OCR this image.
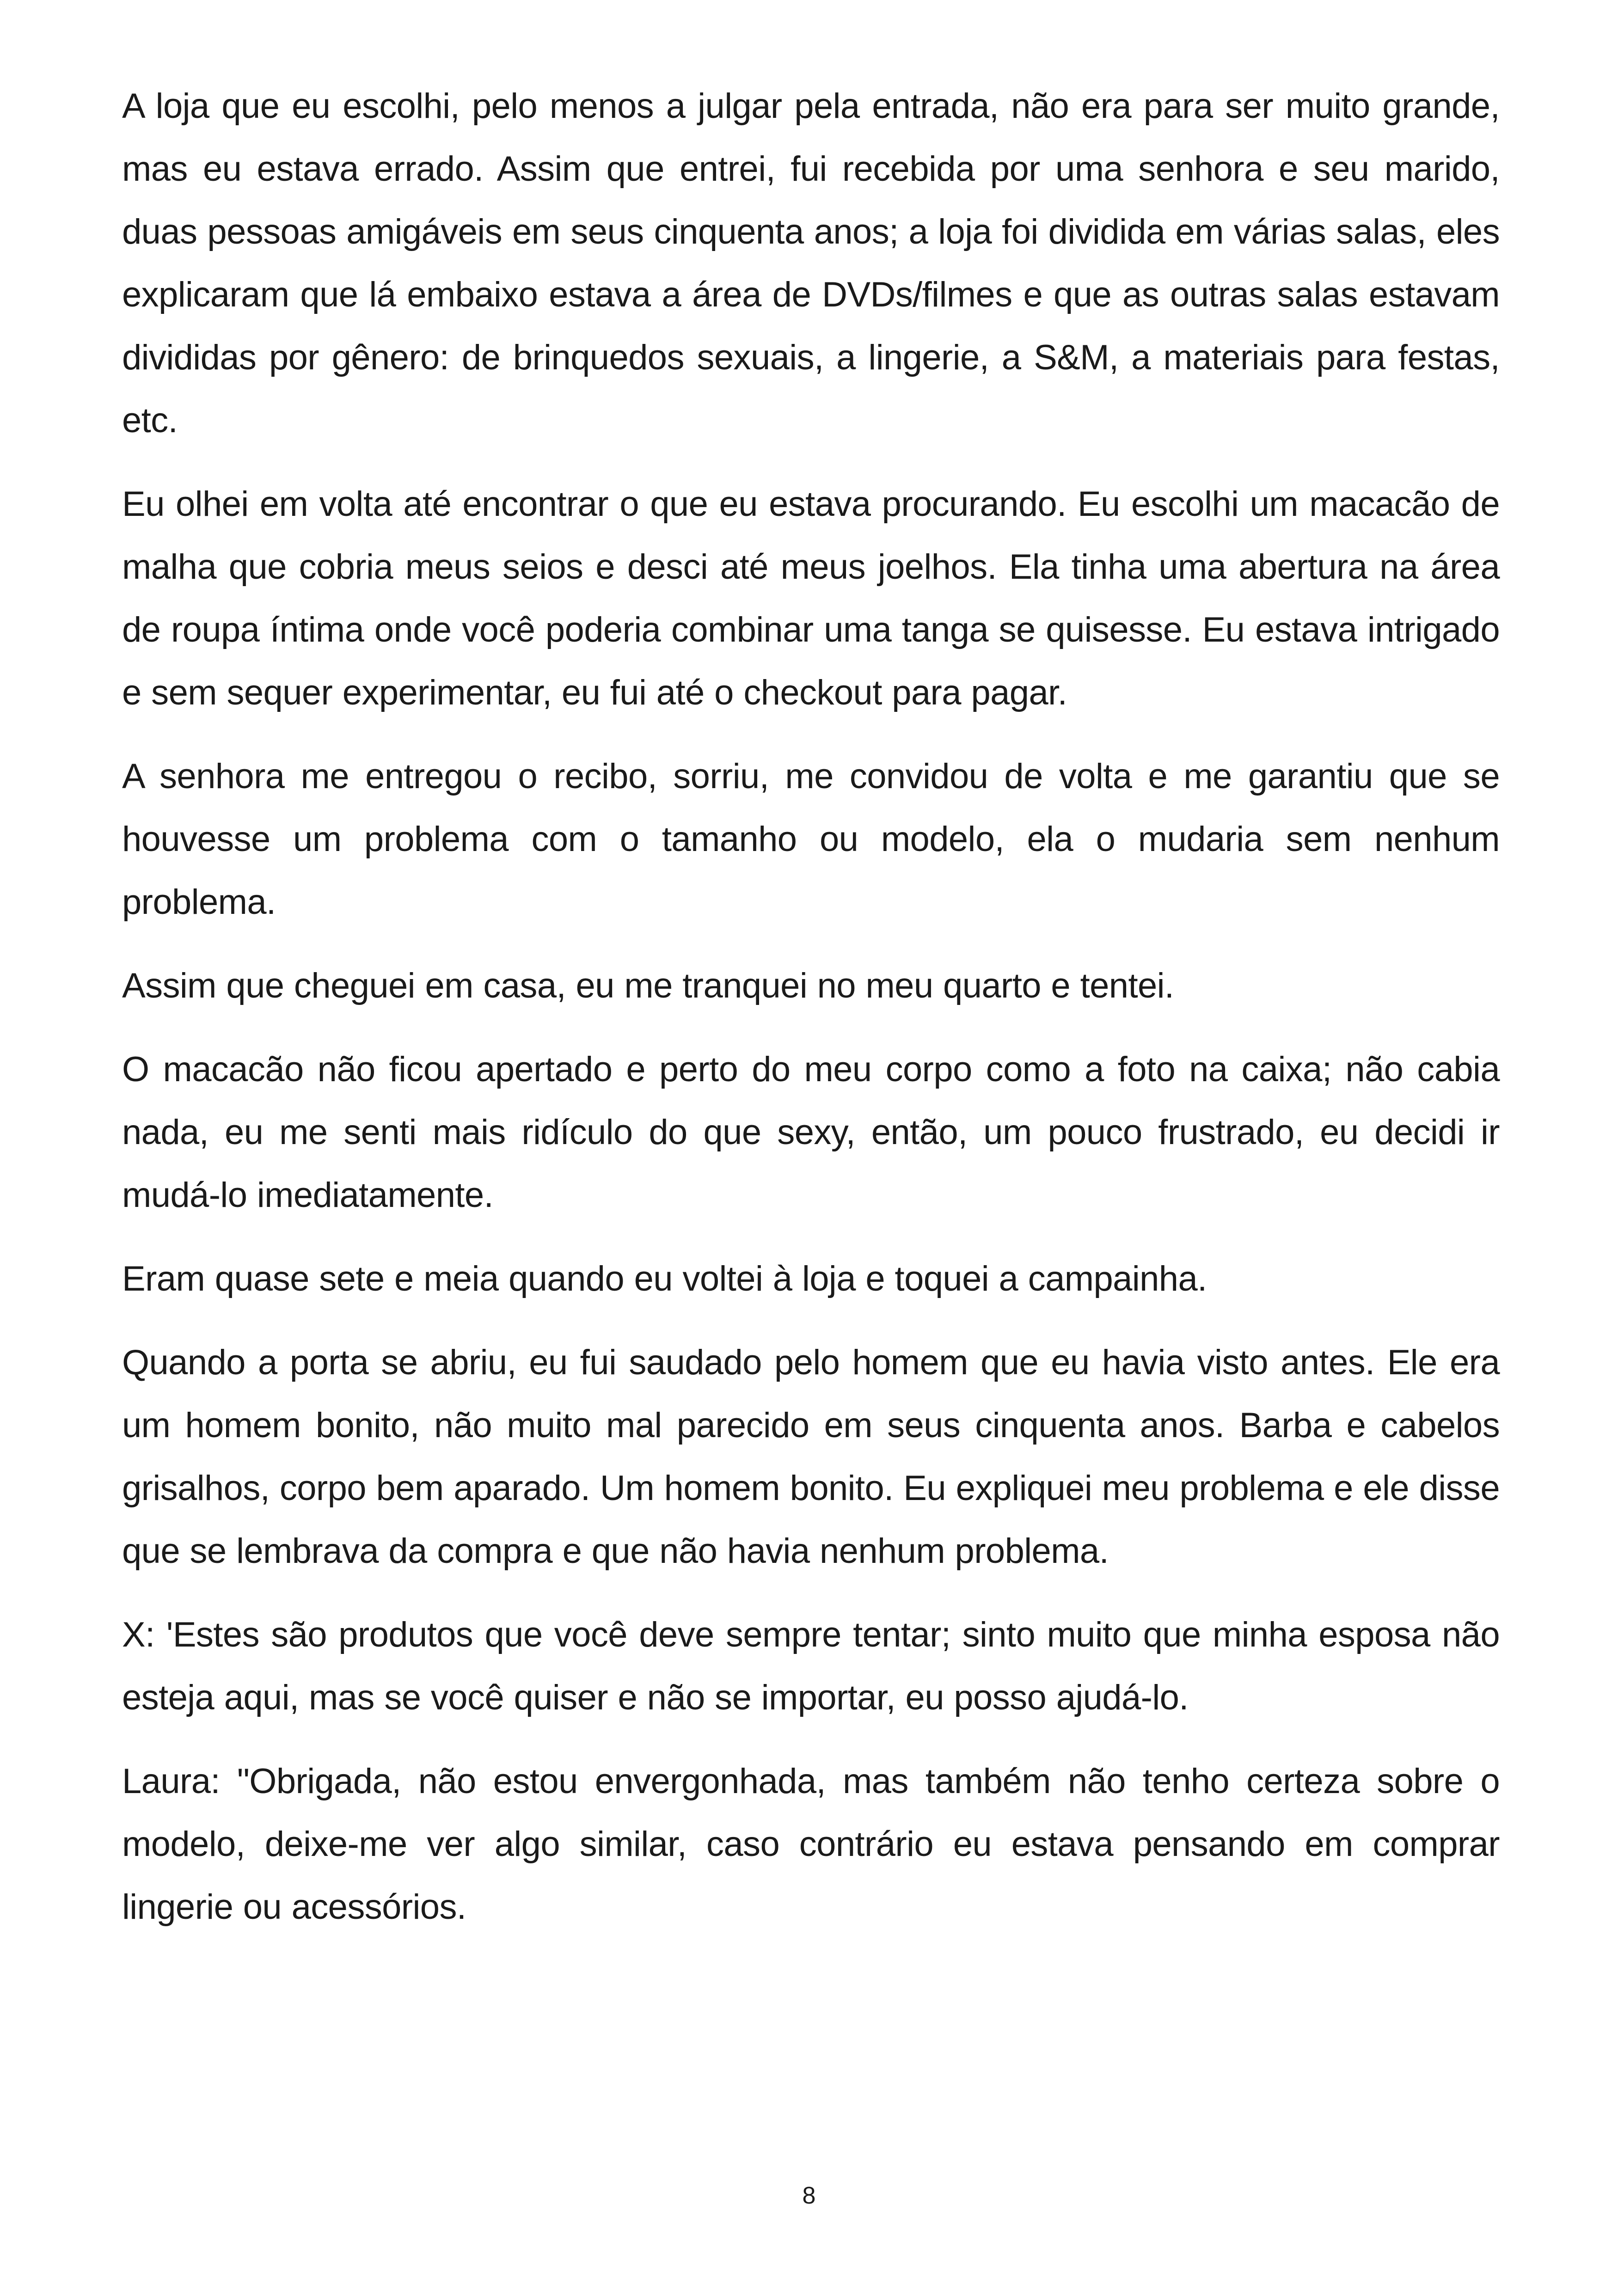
A loja que eu escolhi, pelo menos a julgar pela entrada, não era para ser muito grande, mas eu estava errado. Assim que entrei, fui recebida por uma senhora e seu marido, duas pessoas amigáveis em seus cinquenta anos; a loja foi dividida em várias salas, eles explicaram que lá embaixo estava a área de DVDs/filmes e que as outras salas estavam divididas por gênero: de brinquedos sexuais, a lingerie, a S&M, a materiais para festas, etc.

Eu olhei em volta até encontrar o que eu estava procurando. Eu escolhi um macacão de malha que cobria meus seios e desci até meus joelhos. Ela tinha uma abertura na área de roupa íntima onde você poderia combinar uma tanga se quisesse. Eu estava intrigado e sem sequer experimentar, eu fui até o checkout para pagar.

A senhora me entregou o recibo, sorriu, me convidou de volta e me garantiu que se houvesse um problema com o tamanho ou modelo, ela o mudaria sem nenhum problema.

Assim que cheguei em casa, eu me tranquei no meu quarto e tentei.

O macacão não ficou apertado e perto do meu corpo como a foto na caixa; não cabia nada, eu me senti mais ridículo do que sexy, então, um pouco frustrado, eu decidi ir mudá-lo imediatamente.

Eram quase sete e meia quando eu voltei à loja e toquei a campainha.

Quando a porta se abriu, eu fui saudado pelo homem que eu havia visto antes. Ele era um homem bonito, não muito mal parecido em seus cinquenta anos. Barba e cabelos grisalhos, corpo bem aparado. Um homem bonito. Eu expliquei meu problema e ele disse que se lembrava da compra e que não havia nenhum problema.

X: 'Estes são produtos que você deve sempre tentar; sinto muito que minha esposa não esteja aqui, mas se você quiser e não se importar, eu posso ajudá-lo.

Laura: "Obrigada, não estou envergonhada, mas também não tenho certeza sobre o modelo, deixe-me ver algo similar, caso contrário eu estava pensando em comprar lingerie ou acessórios.

8
